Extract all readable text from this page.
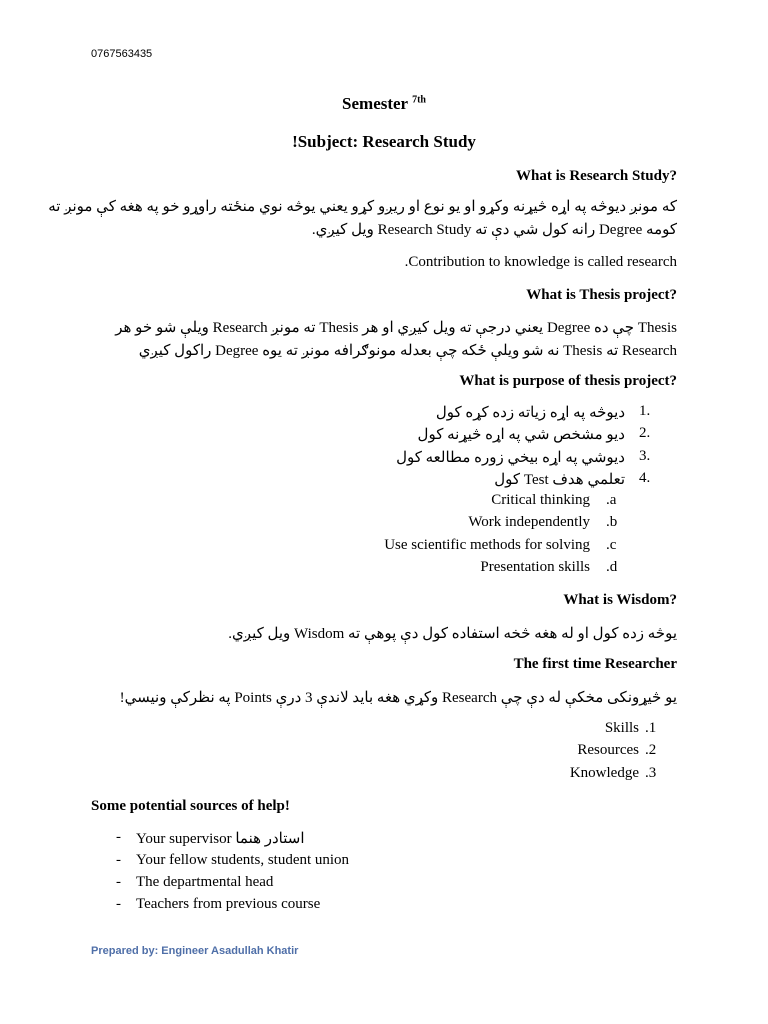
0767563435
Semester $^{7th}$
!Subject: Research Study
?What is Research Study
كه مونږ ديوڅه په اړه څيړنه وكړو او يو نوع او ريږو كړو يعني يوڅه نوي منځته راوړو خو په هغه كې مونږ ته
كومه Degree رانه كول شي دې ته Research Study ويل كيږي.
.Contribution to knowledge is called research
?What is Thesis project
Thesis چې ده Degree يعني درجې ته ويل كيږي او هر Thesis ته مونږ Research ويلې شو خو هر
Research ته Thesis نه شو ويلې ځكه چې بعدله مونوګرافه مونږ ته يوه Degree راكول كيږي
?What is purpose of thesis project
1.
ديوڅه په اړه زياته زده كړه كول
2.
ديو مشخص شي په اړه څيړنه كول
3.
ديوشي په اړه بيخي زوره مطالعه كول
4.
تعلمي هدف Test كول
Critical thinking .a
Work independently .b
Use scientific methods for solving .c
Presentation skills .d
?What is Wisdom
يوڅه زده كول او له هغه څخه استفاده كول دې پوهې ته Wisdom ويل كيږي.
The first time Researcher
يو څيړونكى مخكې له دې چې Research وكړي هغه بايد لاندې 3 درې Points په نظركې ونيسي!
Skills .1
Resources .2
Knowledge .3
Some potential sources of help!
- Your supervisor استادر هنما
- Your fellow students, student union
- The departmental head
- Teachers from previous course
Prepared by: Engineer Asadullah Khatir
